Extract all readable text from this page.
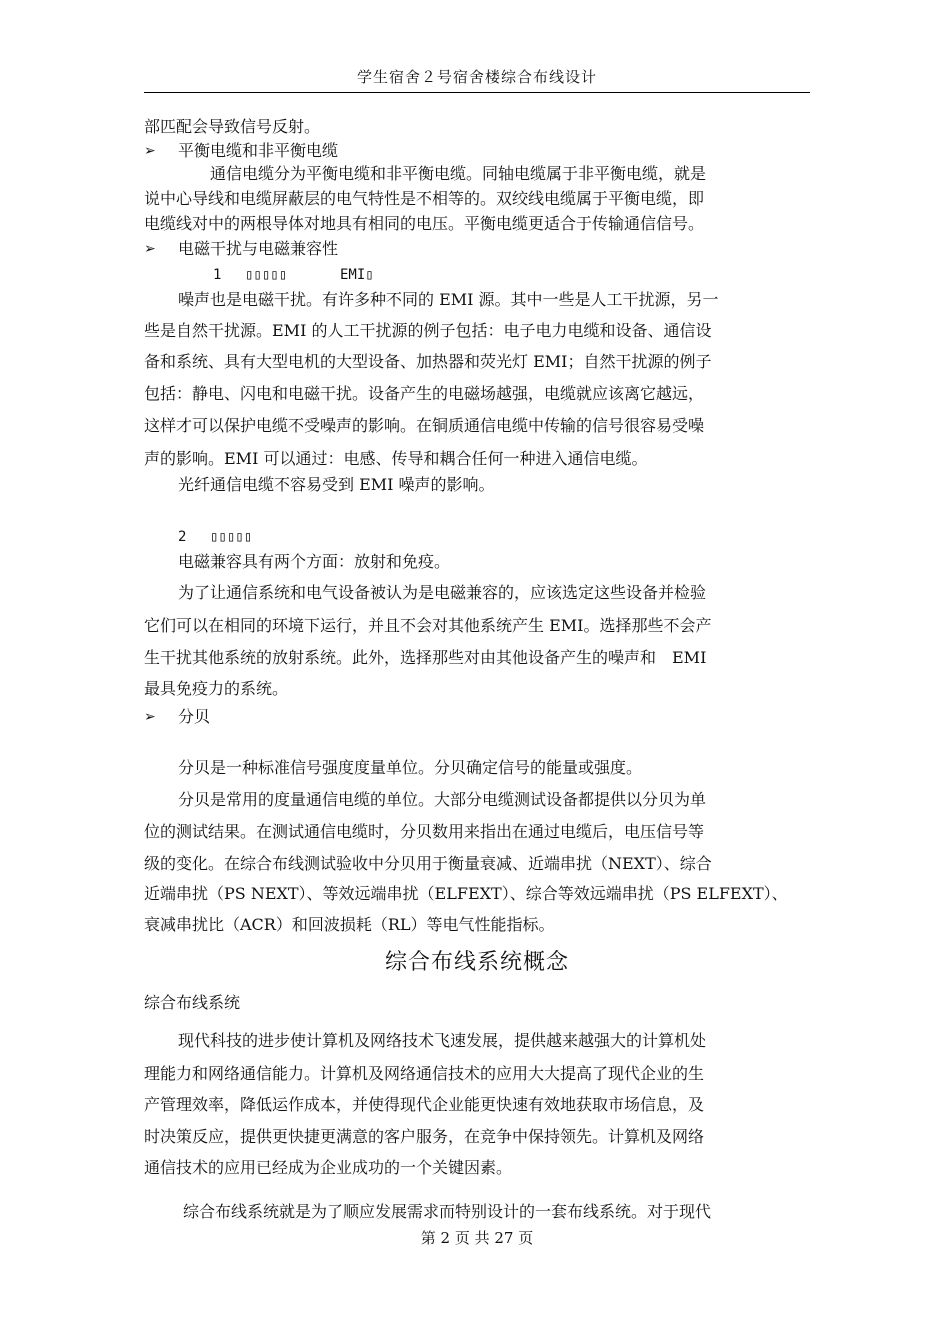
学生宿舍２号宿舍楼综合布线设计
部匹配会导致信号反射。
➢ 平衡电缆和非平衡电缆
通信电缆分为平衡电缆和非平衡电缆。同轴电缆属于非平衡电缆，就是
说中心导线和电缆屏蔽层的电气特性是不相等的。双绞线电缆属于平衡电缆，即
电缆线对中的两根导体对地具有相同的电压。平衡电缆更适合于传输通信信号。
➢ 电磁干扰与电磁兼容性
1 ▯▯▯▯▯	EMI▯
噪声也是电磁干扰。有许多种不同的 EMI 源。其中一些是人工干扰源，另一
些是自然干扰源。EMI 的人工干扰源的例子包括：电子电力电缆和设备、通信设
备和系统、具有大型电机的大型设备、加热器和荧光灯 EMI；自然干扰源的例子
包括：静电、闪电和电磁干扰。设备产生的电磁场越强，电缆就应该离它越远，
这样才可以保护电缆不受噪声的影响。在铜质通信电缆中传输的信号很容易受噪
声的影响。EMI 可以通过：电感、传导和耦合任何一种进入通信电缆。
光纤通信电缆不容易受到 EMI 噪声的影响。
2 ▯▯▯▯▯
电磁兼容具有两个方面：放射和免疫。
为了让通信系统和电气设备被认为是电磁兼容的，应该选定这些设备并检验
它们可以在相同的环境下运行，并且不会对其他系统产生 EMI。选择那些不会产
生干扰其他系统的放射系统。此外，选择那些对由其他设备产生的噪声和　EMI
最具免疫力的系统。
➢ 分贝
分贝是一种标准信号强度度量单位。分贝确定信号的能量或强度。
分贝是常用的度量通信电缆的单位。大部分电缆测试设备都提供以分贝为单
位的测试结果。在测试通信电缆时，分贝数用来指出在通过电缆后，电压信号等
级的变化。在综合布线测试验收中分贝用于衡量衰减、近端串扰（NEXT）、综合
近端串扰（PS NEXT）、等效远端串扰（ELFEXT）、综合等效远端串扰（PS ELFEXT）、
衰减串扰比（ACR）和回波损耗（RL）等电气性能指标。
综合布线系统概念
综合布线系统
现代科技的进步使计算机及网络技术飞速发展，提供越来越强大的计算机处
理能力和网络通信能力。计算机及网络通信技术的应用大大提高了现代企业的生
产管理效率，降低运作成本，并使得现代企业能更快速有效地获取市场信息，及
时决策反应，提供更快捷更满意的客户服务，在竞争中保持领先。计算机及网络
通信技术的应用已经成为企业成功的一个关键因素。
综合布线系统就是为了顺应发展需求而特别设计的一套布线系统。对于现代
第 2 页 共 27 页
